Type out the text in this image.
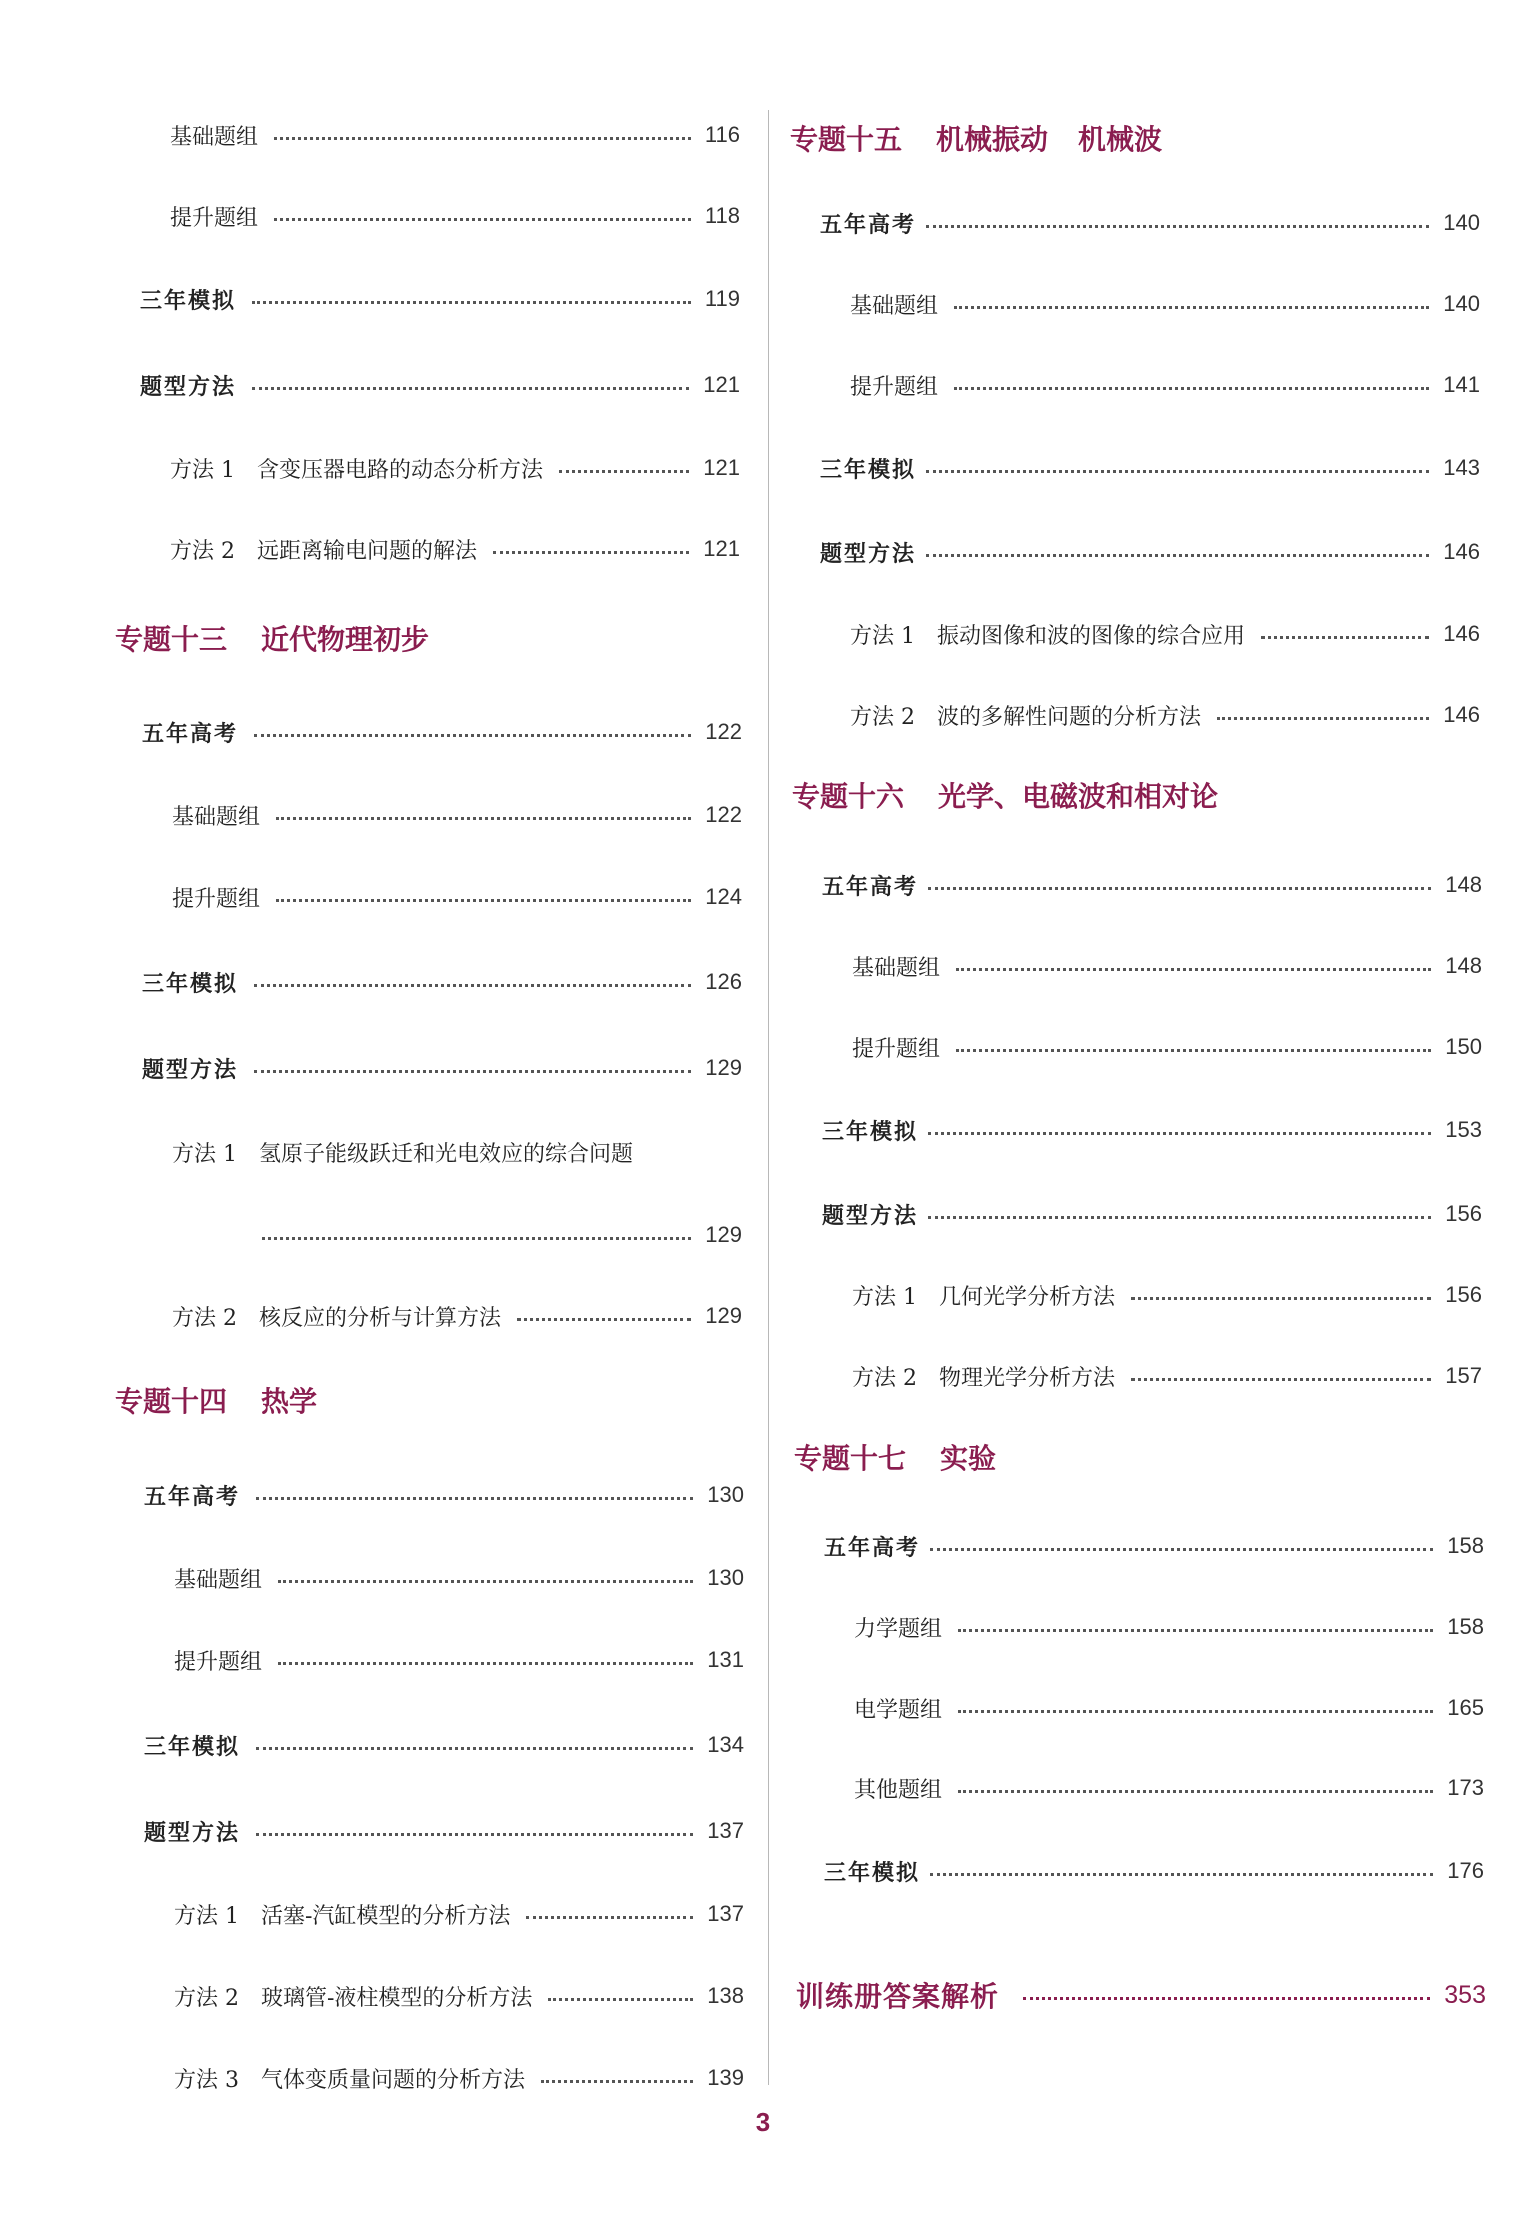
基础题组	116
提升题组	118
三年模拟	119
题型方法	121
方法 1 含变压器电路的动态分析方法	121
方法 2 远距离输电问题的解法	121
专题十三 近代物理初步
五年高考	122
基础题组	122
提升题组	124
三年模拟	126
题型方法	129
方法 1 氢原子能级跃迁和光电效应的综合问题
129
方法 2 核反应的分析与计算方法	129
专题十四 热学
五年高考	130
基础题组	130
提升题组	131
三年模拟	134
题型方法	137
方法 1 活塞-汽缸模型的分析方法	137
方法 2 玻璃管-液柱模型的分析方法	138
方法 3 气体变质量问题的分析方法	139
专题十五 机械振动 机械波
五年高考	140
基础题组	140
提升题组	141
三年模拟	143
题型方法	146
方法 1 振动图像和波的图像的综合应用	146
方法 2 波的多解性问题的分析方法	146
专题十六 光学、电磁波和相对论
五年高考	148
基础题组	148
提升题组	150
三年模拟	153
题型方法	156
方法 1 几何光学分析方法	156
方法 2 物理光学分析方法	157
专题十七 实验
五年高考	158
力学题组	158
电学题组	165
其他题组	173
三年模拟	176
训练册答案解析	353
3
